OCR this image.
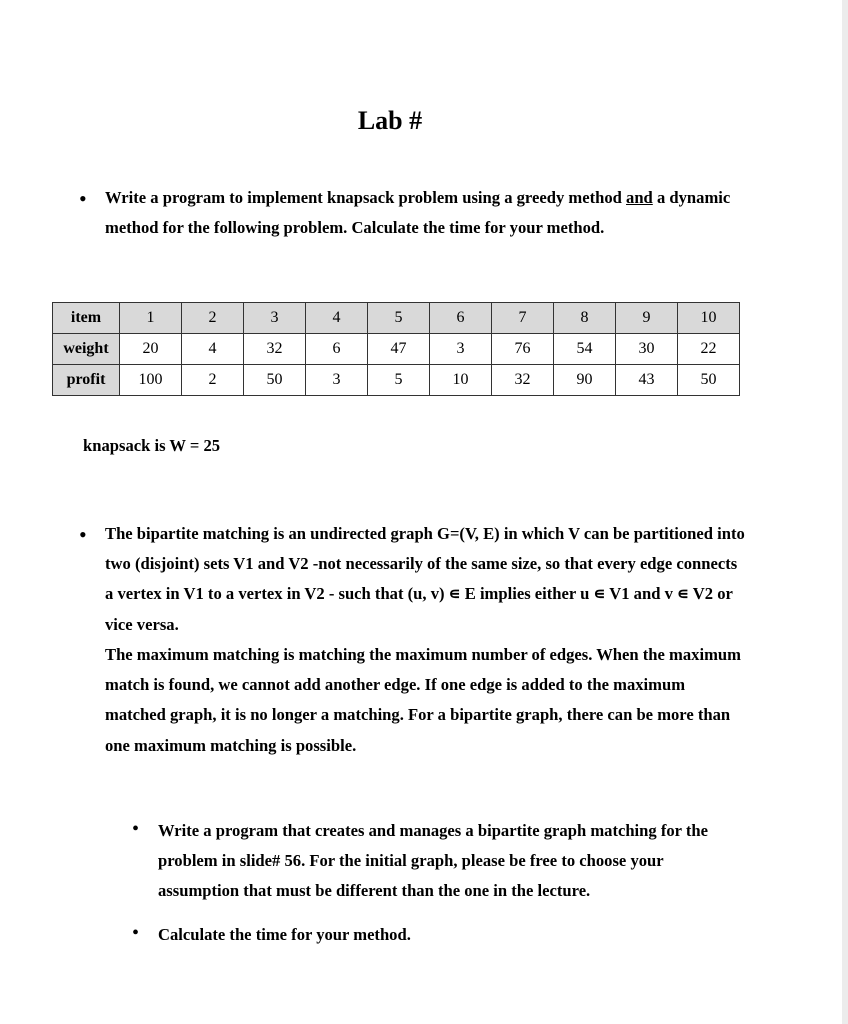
Lab #
• Write a program to implement knapsack problem using a greedy method and a dynamic method for the following problem. Calculate the time for your method.
item	1	2	3	4	5	6	7	8	9	10
weight	20	4	32	6	47	3	76	54	30	22
profit	100	2	50	3	5	10	32	90	43	50
knapsack is W = 25
• The bipartite matching is an undirected graph G=(V, E) in which V can be partitioned into two (disjoint) sets V1 and V2 -not necessarily of the same size, so that every edge connects a vertex in V1 to a vertex in V2 - such that (u, v) ∊ E implies either u ∊ V1 and v ∊ V2 or vice versa.
The maximum matching is matching the maximum number of edges. When the maximum match is found, we cannot add another edge. If one edge is added to the maximum matched graph, it is no longer a matching. For a bipartite graph, there can be more than one maximum matching is possible.
• Write a program that creates and manages a bipartite graph matching for the problem in slide# 56. For the initial graph, please be free to choose your assumption that must be different than the one in the lecture.
• Calculate the time for your method.
